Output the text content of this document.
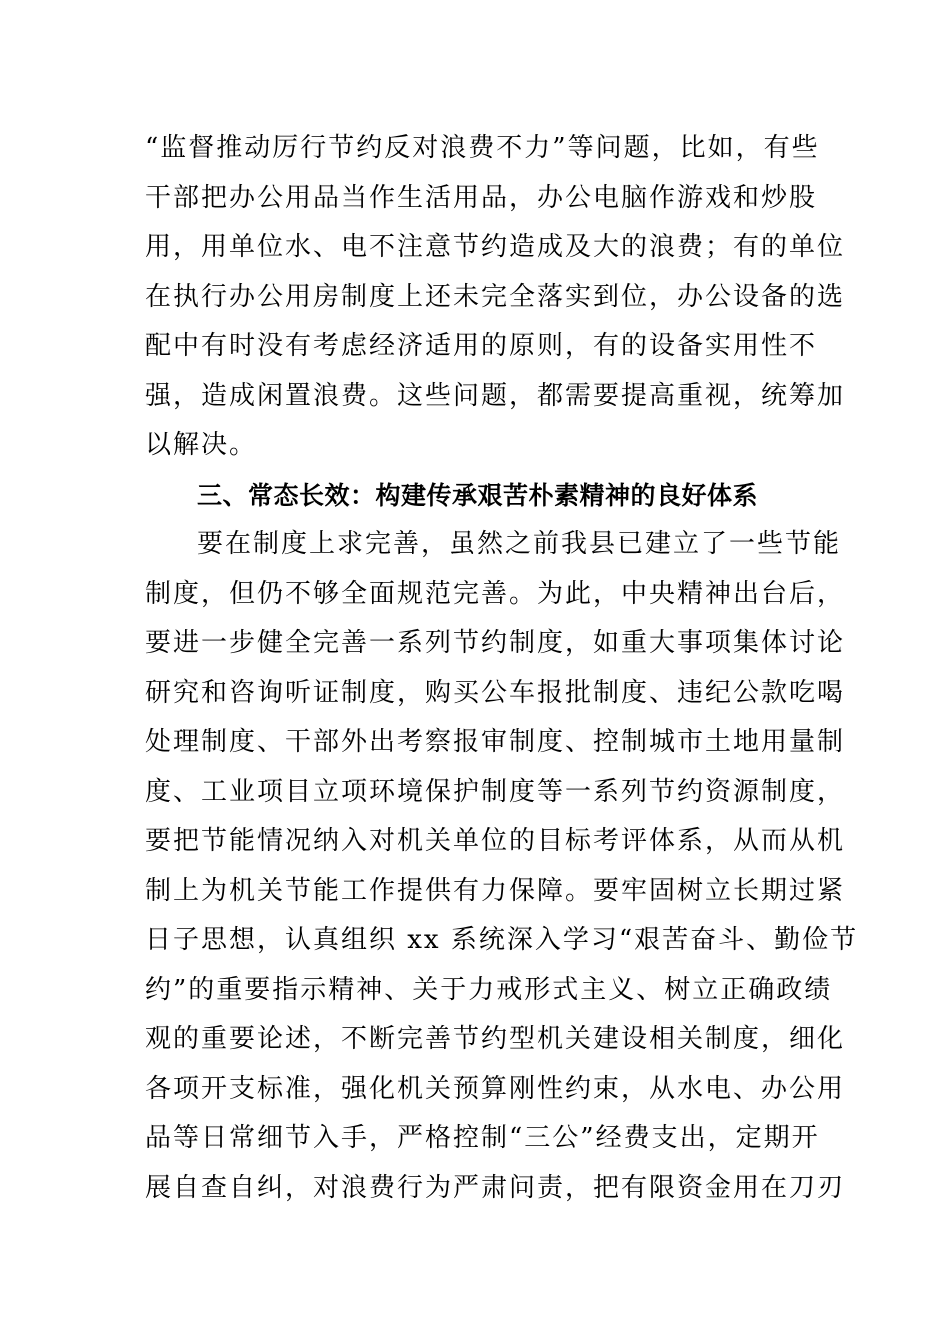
“监督推动厉行节约反对浪费不力”等问题，比如，有些
干部把办公用品当作生活用品，办公电脑作游戏和炒股
用，用单位水、电不注意节约造成及大的浪费；有的单位
在执行办公用房制度上还未完全落实到位，办公设备的选
配中有时没有考虑经济适用的原则，有的设备实用性不
强，造成闲置浪费。这些问题，都需要提高重视，统筹加
以解决。
三、常态长效：构建传承艰苦朴素精神的良好体系
要在制度上求完善，虽然之前我县已建立了一些节能
制度，但仍不够全面规范完善。为此，中央精神出台后，
要进一步健全完善一系列节约制度，如重大事项集体讨论
研究和咨询听证制度，购买公车报批制度、违纪公款吃喝
处理制度、干部外出考察报审制度、控制城市土地用量制
度、工业项目立项环境保护制度等一系列节约资源制度，
要把节能情况纳入对机关单位的目标考评体系，从而从机
制上为机关节能工作提供有力保障。要牢固树立长期过紧
日子思想，认真组织 xx 系统深入学习“艰苦奋斗、勤俭节
约”的重要指示精神、关于力戒形式主义、树立正确政绩
观的重要论述，不断完善节约型机关建设相关制度，细化
各项开支标准，强化机关预算刚性约束，从水电、办公用
品等日常细节入手，严格控制“三公”经费支出，定期开
展自查自纠，对浪费行为严肃问责，把有限资金用在刀刃
